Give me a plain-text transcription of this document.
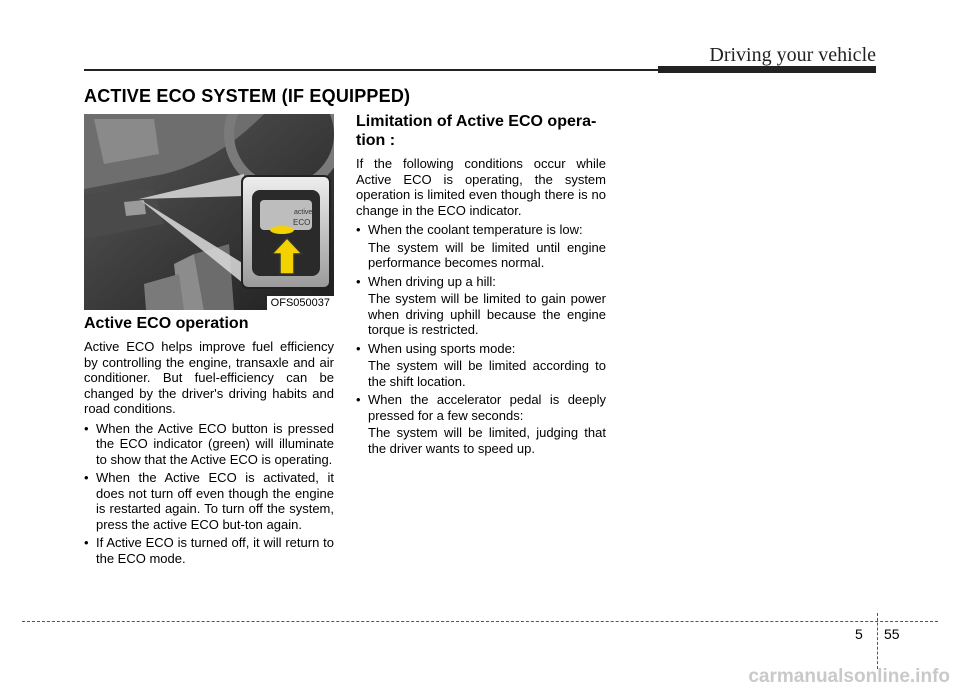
Driving your vehicle
ACTIVE ECO SYSTEM (IF EQUIPPED)
active
ECO
OFS050037
Active ECO operation

Active ECO helps improve fuel efficiency by controlling the engine, transaxle and air conditioner. But fuel-efficiency can be changed by the driver's driving habits and road conditions.

• When the Active ECO button is pressed the ECO indicator (green) will illuminate to show that the Active ECO is operating.
• When the Active ECO is activated, it does not turn off even though the engine is restarted again. To turn off the system, press the active ECO but-ton again.
• If Active ECO is turned off, it will return to the ECO mode.
Limitation of Active ECO opera-tion :

If the following conditions occur while Active ECO is operating, the system operation is limited even though there is no change in the ECO indicator.

• When the coolant temperature is low:
The system will be limited until engine performance becomes normal.
• When driving up a hill:
The system will be limited to gain power when driving uphill because the engine torque is restricted.
• When using sports mode:
The system will be limited according to the shift location.
• When the accelerator pedal is deeply pressed for a few seconds:
The system will be limited, judging that the driver wants to speed up.
5 55
carmanualsonline.info
